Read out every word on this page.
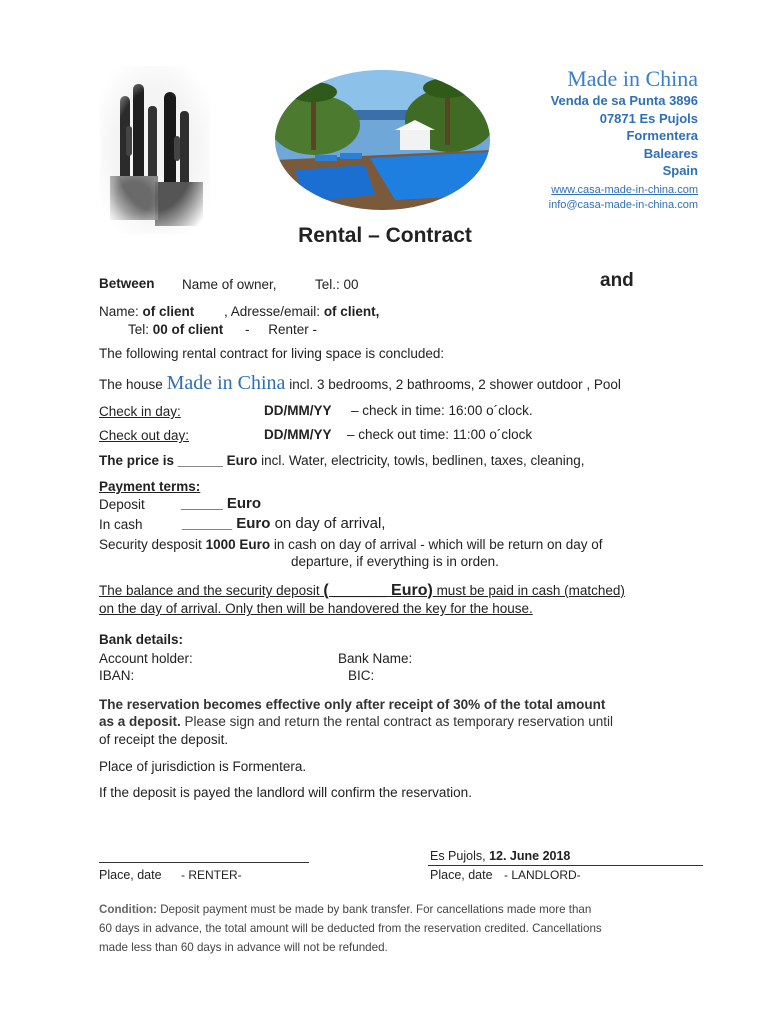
Made in China
Venda de sa Punta 3896
07871 Es Pujols
Formentera
Baleares
Spain
www.casa-made-in-china.com
info@casa-made-in-china.com
Rental – Contract
Between Name of owner,	Tel.: 00	and
Name: of client , Adresse/email: of client,
Tel: 00 of client -     Renter -
The following rental contract for living space is concluded:
The house Made in China incl. 3 bedrooms, 2 bathrooms, 2 shower outdoor , Pool
Check in day:	DD/MM/YY – check in time: 16:00 o´clock.
Check out day:	DD/MM/YY – check out time: 11:00 o´clock
The price is ______ Euro incl. Water, electricity, towls, bedlinen, taxes, cleaning,
Payment terms:
Deposit _____ Euro
In cash	______ Euro on day of arrival,
Security desposit 1000 Euro in cash on day of arrival - which will be return on day of
departure, if everything is in orden.
The balance and the security deposit ( ______ Euro) must be paid in cash (matched)
on the day of arrival. Only then will be handovered the key for the house.
Bank details:
Account holder:	Bank Name:
IBAN:	BIC:
The reservation becomes effective only after receipt of 30% of the total amount
as a deposit. Please sign and return the rental contract as temporary reservation until
of receipt the deposit.
Place of jurisdiction is Formentera.
If the deposit is payed the landlord will confirm the reservation.
Es Pujols, 12. June 2018
Place, date - RENTER-	Place, date - LANDLORD-
Condition: Deposit payment must be made by bank transfer. For cancellations made more than
60 days in advance, the total amount will be deducted from the reservation credited. Cancellations
made less than 60 days in advance will not be refunded.
